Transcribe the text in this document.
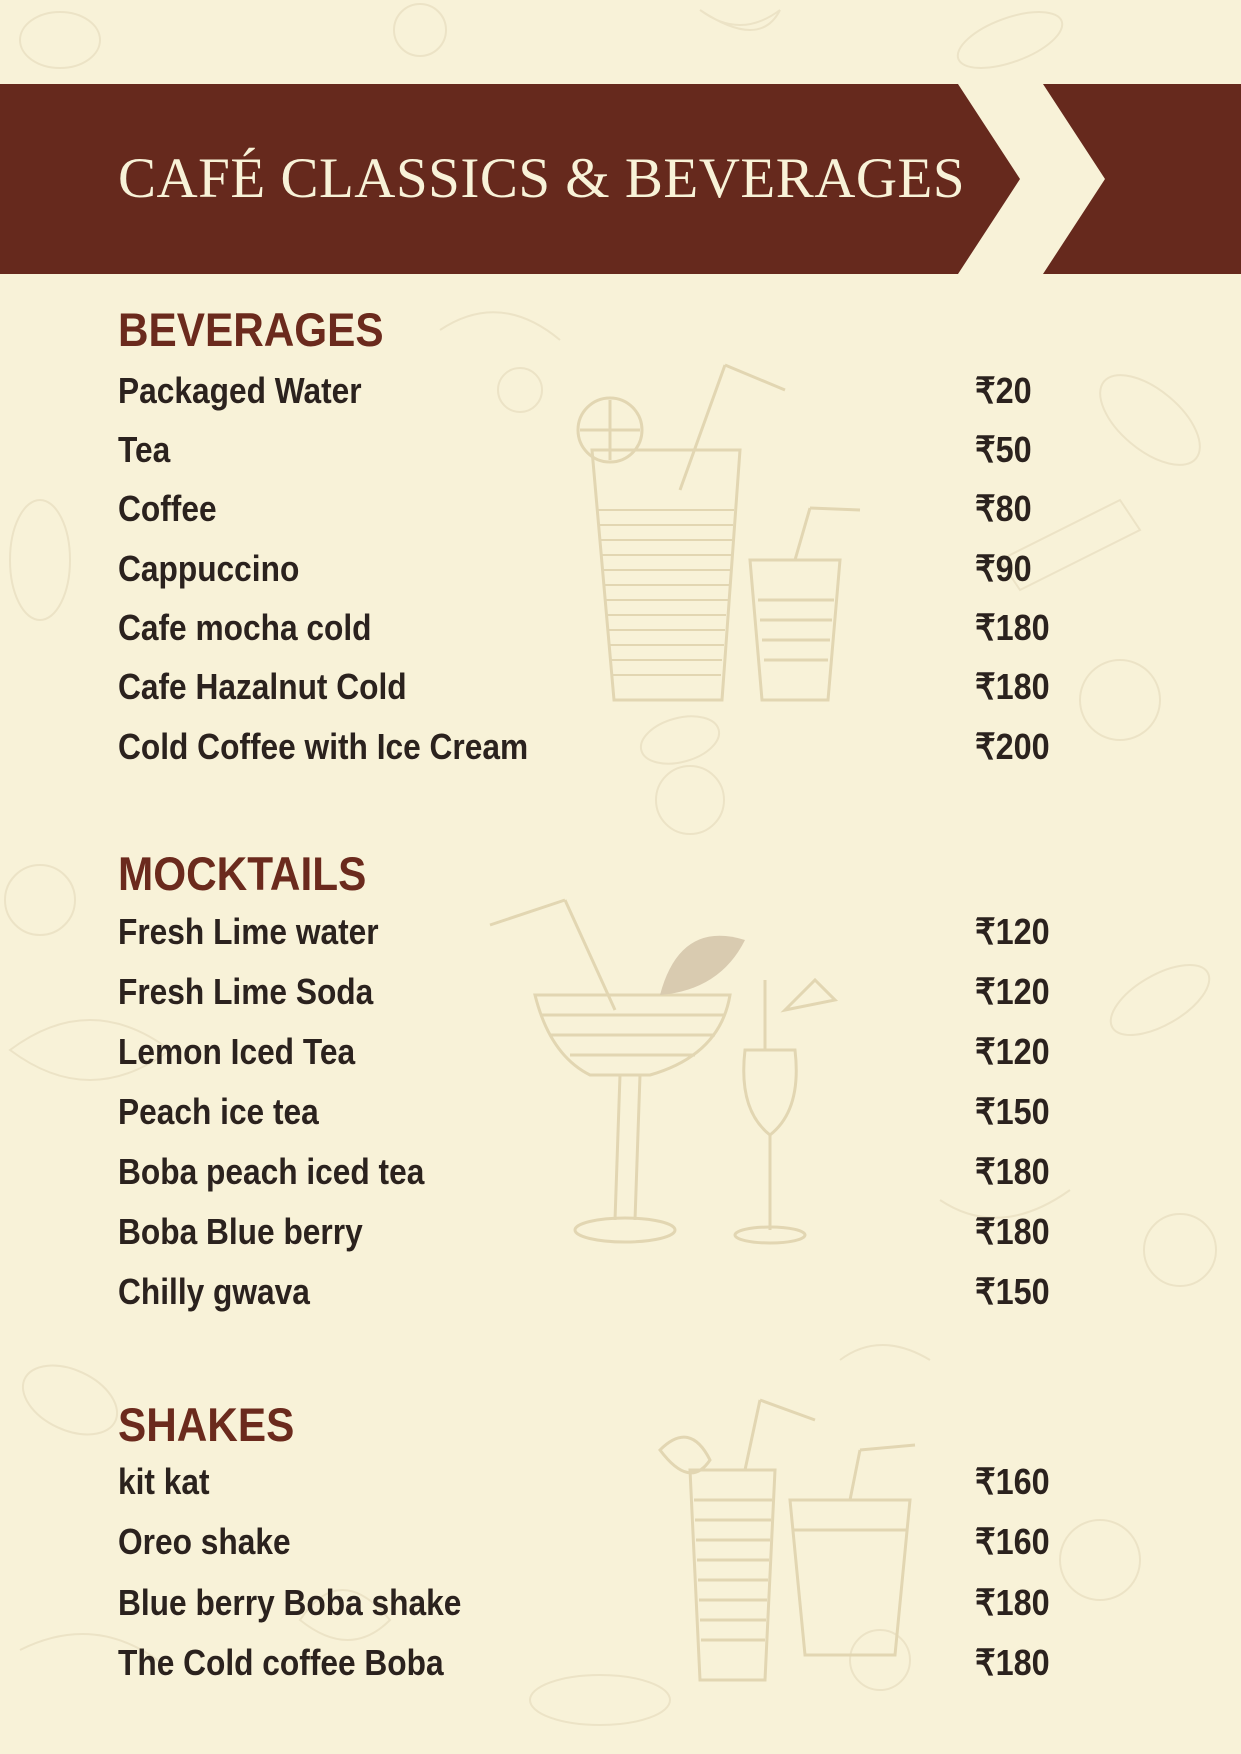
CAFÉ CLASSICS & BEVERAGES
BEVERAGES
Packaged Water	₹20
Tea	₹50
Coffee	₹80
Cappuccino	₹90
Cafe mocha cold	₹180
Cafe Hazalnut Cold	₹180
Cold Coffee with Ice Cream	₹200
MOCKTAILS
Fresh Lime water	₹120
Fresh Lime Soda	₹120
Lemon Iced Tea	₹120
Peach ice tea	₹150
Boba peach iced tea	₹180
Boba Blue berry	₹180
Chilly gwava	₹150
SHAKES
kit kat	₹160
Oreo shake	₹160
Blue berry Boba shake	₹180
The Cold coffee Boba	₹180
